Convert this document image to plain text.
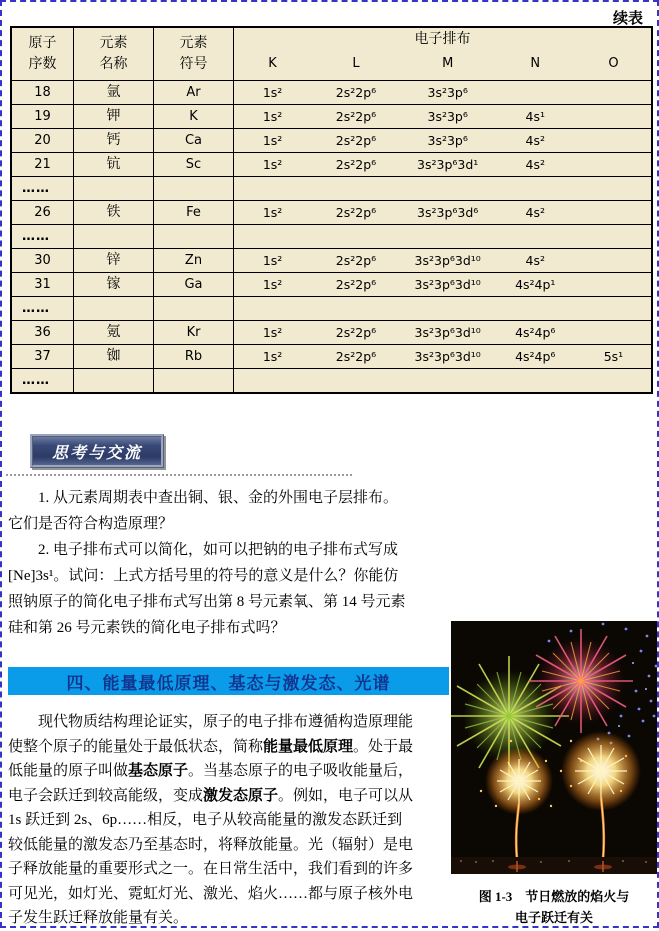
续表
原子
序数
元素
名称
元素
符号
电子排布
K	L	M	N	O
18	氩	Ar	1s²	2s²2p⁶	3s²3p⁶
19	钾	K	1s²	2s²2p⁶	3s²3p⁶	4s¹
20	钙	Ca	1s²	2s²2p⁶	3s²3p⁶	4s²
21	钪	Sc	1s²	2s²2p⁶	3s²3p⁶3d¹	4s²
……
26	铁	Fe	1s²	2s²2p⁶	3s²3p⁶3d⁶	4s²
……
30	锌	Zn	1s²	2s²2p⁶	3s²3p⁶3d¹⁰	4s²
31	镓	Ga	1s²	2s²2p⁶	3s²3p⁶3d¹⁰	4s²4p¹
……
36	氪	Kr	1s²	2s²2p⁶	3s²3p⁶3d¹⁰	4s²4p⁶
37	铷	Rb	1s²	2s²2p⁶	3s²3p⁶3d¹⁰	4s²4p⁶	5s¹
……
思考与交流
1. 从元素周期表中查出铜、银、金的外围电子层排布。
它们是否符合构造原理？
2. 电子排布式可以简化，如可以把钠的电子排布式写成
[Ne]3s¹。试问：上式方括号里的符号的意义是什么？你能仿
照钠原子的简化电子排布式写出第 8 号元素氧、第 14 号元素
硅和第 26 号元素铁的简化电子排布式吗？
四、能量最低原理、基态与激发态、光谱
现代物质结构理论证实，原子的电子排布遵循构造原理能
使整个原子的能量处于最低状态，简称能量最低原理。处于最
低能量的原子叫做基态原子。当基态原子的电子吸收能量后，
电子会跃迁到较高能级，变成激发态原子。例如，电子可以从
1s 跃迁到 2s、6p……相反，电子从较高能量的激发态跃迁到
较低能量的激发态乃至基态时，将释放能量。光（辐射）是电
子释放能量的重要形式之一。在日常生活中，我们看到的许多
可见光，如灯光、霓虹灯光、激光、焰火……都与原子核外电
子发生跃迁释放能量有关。
图 1-3　节日燃放的焰火与
电子跃迁有关
